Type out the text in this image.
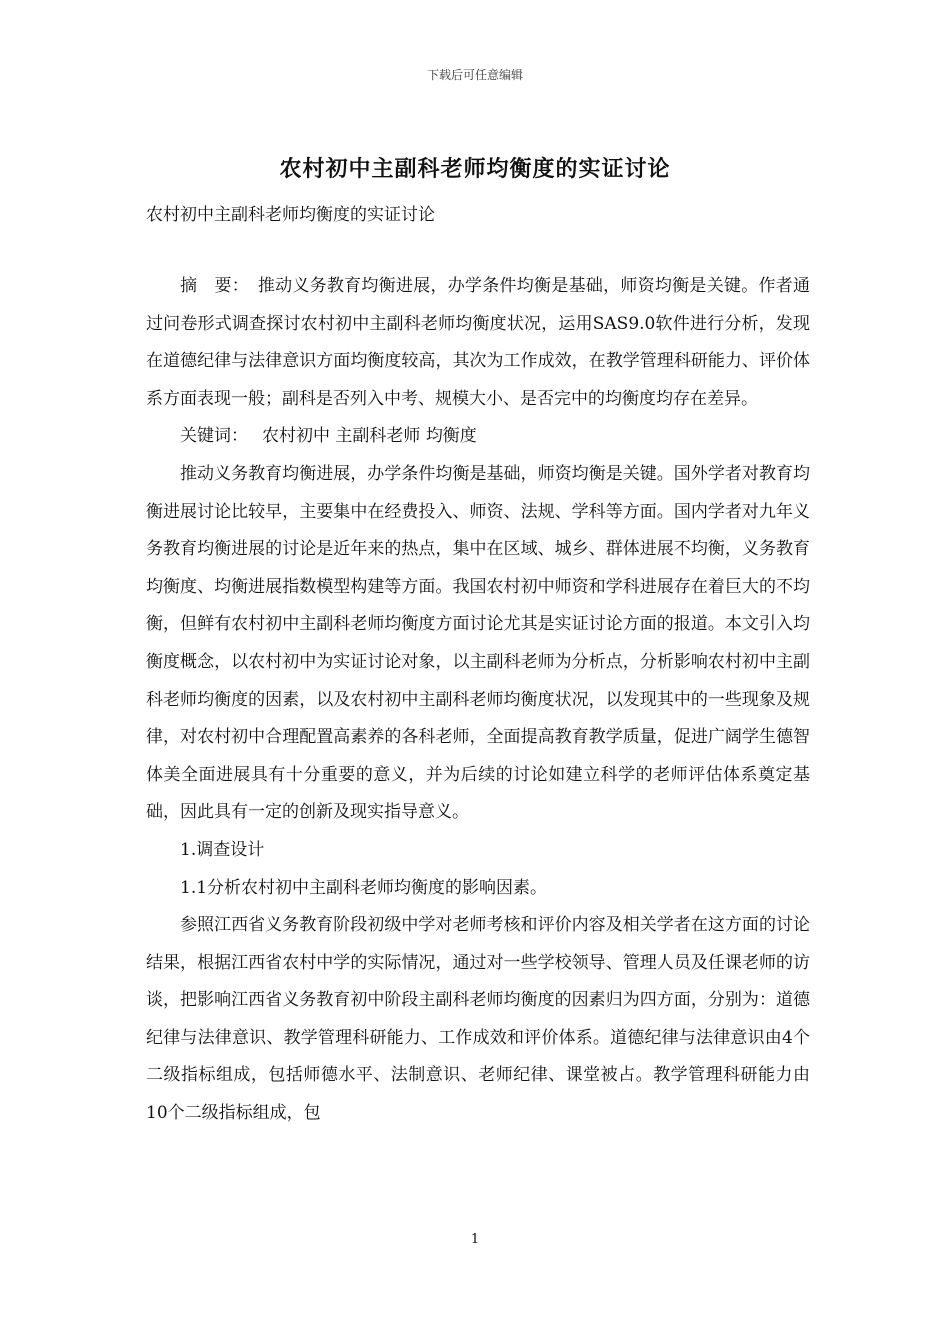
下载后可任意编辑
农村初中主副科老师均衡度的实证讨论
农村初中主副科老师均衡度的实证讨论

摘　要：　 推动义务教育均衡进展，办学条件均衡是基础，师资均衡是关键。作者通过问卷形式调查探讨农村初中主副科老师均衡度状况，运用SAS9.0软件进行分析，发现在道德纪律与法律意识方面均衡度较高，其次为工作成效，在教学管理科研能力、评价体系方面表现一般；副科是否列入中考、规模大小、是否完中的均衡度均存在差异。

关键词： 农村初中 主副科老师 均衡度

推动义务教育均衡进展，办学条件均衡是基础，师资均衡是关键。国外学者对教育均衡进展讨论比较早，主要集中在经费投入、师资、法规、学科等方面。国内学者对九年义务教育均衡进展的讨论是近年来的热点，集中在区域、城乡、群体进展不均衡，义务教育均衡度、均衡进展指数模型构建等方面。我国农村初中师资和学科进展存在着巨大的不均衡，但鲜有农村初中主副科老师均衡度方面讨论尤其是实证讨论方面的报道。本文引入均衡度概念，以农村初中为实证讨论对象，以主副科老师为分析点，分析影响农村初中主副科老师均衡度的因素，以及农村初中主副科老师均衡度状况，以发现其中的一些现象及规律，对农村初中合理配置高素养的各科老师，全面提高教育教学质量，促进广阔学生德智体美全面进展具有十分重要的意义，并为后续的讨论如建立科学的老师评估体系奠定基础，因此具有一定的创新及现实指导意义。

1.调查设计

1.1分析农村初中主副科老师均衡度的影响因素。

参照江西省义务教育阶段初级中学对老师考核和评价内容及相关学者在这方面的讨论结果，根据江西省农村中学的实际情况，通过对一些学校领导、管理人员及任课老师的访谈，把影响江西省义务教育初中阶段主副科老师均衡度的因素归为四方面，分别为：道德纪律与法律意识、教学管理科研能力、工作成效和评价体系。道德纪律与法律意识由4个二级指标组成，包括师德水平、法制意识、老师纪律、课堂被占。教学管理科研能力由10个二级指标组成，包

1
